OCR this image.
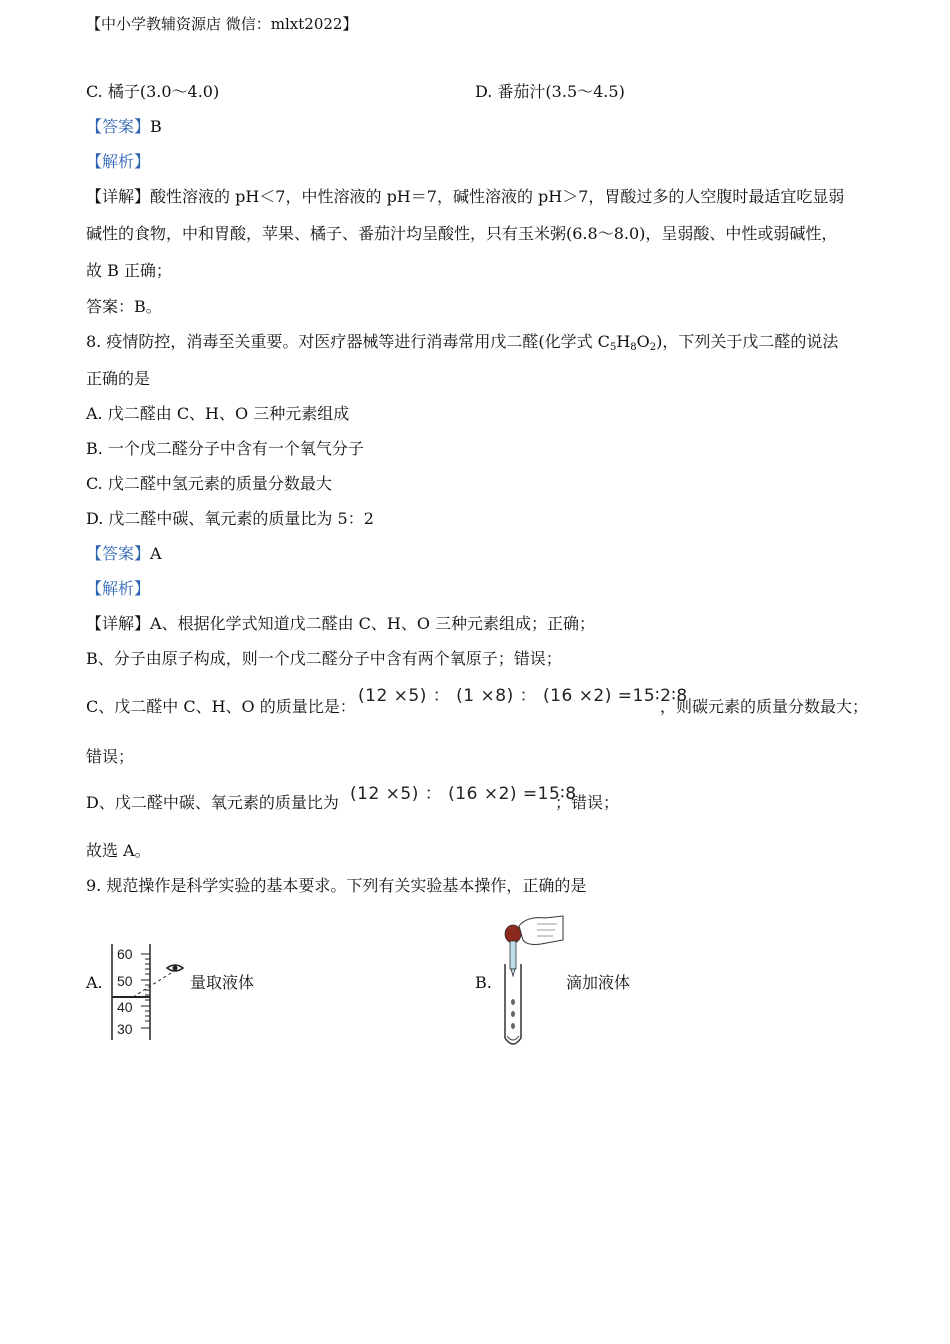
【中小学教辅资源店 微信：mlxt2022】
C. 橘子(3.0～4.0)	D. 番茄汁(3.5～4.5)
【答案】B
【解析】
【详解】酸性溶液的 pH＜7，中性溶液的 pH＝7，碱性溶液的 pH＞7，胃酸过多的人空腹时最适宜吃显弱
碱性的食物，中和胃酸，苹果、橘子、番茄汁均呈酸性，只有玉米粥(6.8～8.0)，呈弱酸、中性或弱碱性，
故 B 正确；
答案：B。
8. 疫情防控，消毒至关重要。对医疗器械等进行消毒常用戊二醛(化学式 C5H8O2)，下列关于戊二醛的说法
正确的是
A. 戊二醛由 C、H、O 三种元素组成
B. 一个戊二醛分子中含有一个氧气分子
C. 戊二醛中氢元素的质量分数最大
D. 戊二醛中碳、氧元素的质量比为 5：2
【答案】A
【解析】
【详解】A、根据化学式知道戊二醛由 C、H、O 三种元素组成；正确；
B、分子由原子构成，则一个戊二醛分子中含有两个氧原子；错误；
C、戊二醛中 C、H、O 的质量比是：
(12 ×5) ： (1 ×8) ： (16 ×2) =15∶2∶8
，则碳元素的质量分数最大；
错误；
D、戊二醛中碳、氧元素的质量比为 (12 ×5) ： (16 ×2) =15∶8
；错误；
故选 A。
9. 规范操作是科学实验的基本要求。下列有关实验基本操作，正确的是
A.
60
50
40
30
量取液体	B.	滴加液体
